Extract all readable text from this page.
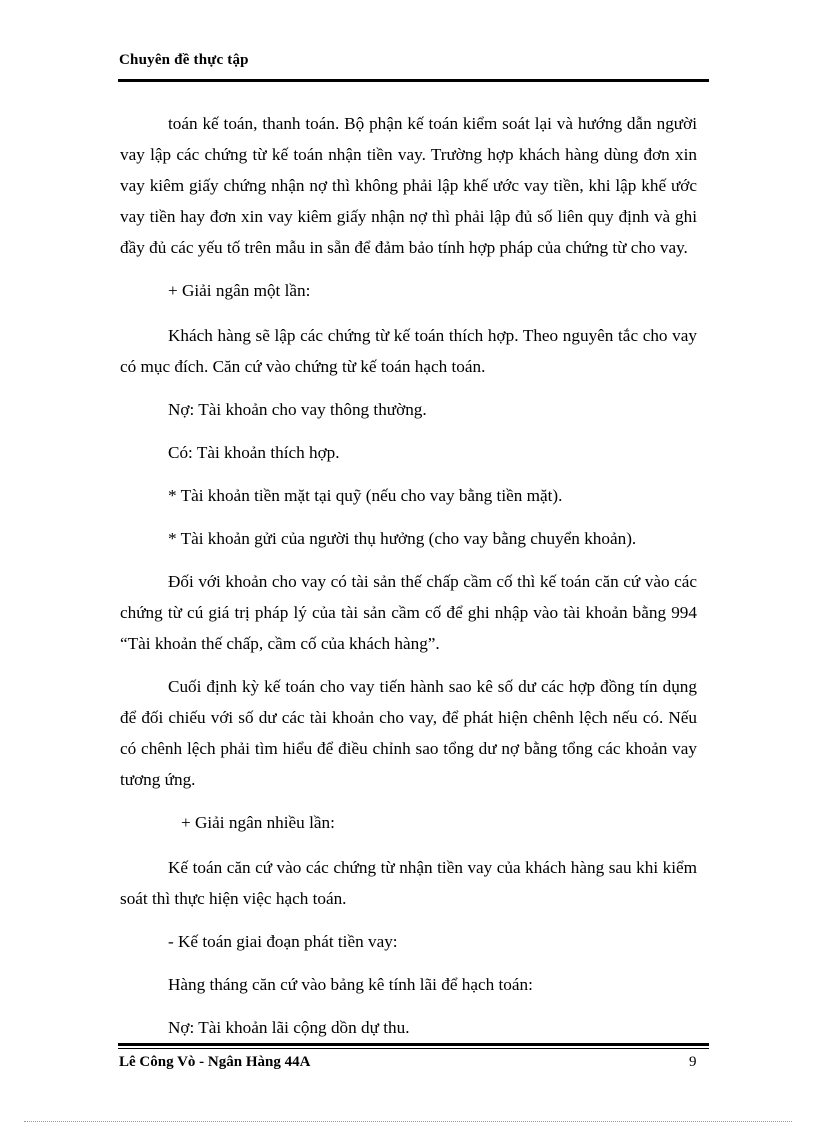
Chuyên đề thực tập

toán kế toán, thanh toán. Bộ phận kế toán kiểm soát lại và hướng dẫn người vay lập các chứng từ kế toán nhận tiền vay. Trường hợp khách hàng dùng đơn xin vay kiêm giấy chứng nhận nợ thì không phải lập khế ước vay tiền, khi lập khế ước vay tiền hay đơn xin vay kiêm giấy nhận nợ thì phải lập đủ số liên quy định và ghi đầy đủ các yếu tố trên mẫu in sẵn để đảm bảo tính hợp pháp của chứng từ cho vay.

+ Giải ngân một lần:

Khách hàng sẽ lập các chứng từ kế toán thích hợp. Theo nguyên tắc cho vay có mục đích. Căn cứ vào chứng từ kế toán hạch toán.

Nợ: Tài khoản cho vay thông thường.

Có: Tài khoản thích hợp.

* Tài khoản tiền mặt tại quỹ (nếu cho vay bằng tiền mặt).

* Tài khoản gửi của người thụ hưởng (cho vay bằng chuyển khoản).

Đối với khoản cho vay có tài sản thế chấp cầm cố thì kế toán căn cứ vào các chứng từ cú giá trị pháp lý của tài sản cầm cố để ghi nhập vào tài khoản bằng 994 “Tài khoản thế chấp, cầm cố của khách hàng”.

Cuối định kỳ kế toán cho vay tiến hành sao kê số dư các hợp đồng tín dụng để đối chiếu với số dư các tài khoản cho vay, để phát hiện chênh lệch nếu có. Nếu có chênh lệch phải tìm hiểu để điều chỉnh sao tổng dư nợ bằng tổng các khoản vay tương ứng.

+ Giải ngân nhiều lần:

Kế toán căn cứ vào các chứng từ nhận tiền vay của khách hàng sau khi kiểm soát thì thực hiện việc hạch toán.

- Kế toán giai đoạn phát tiền vay:

Hàng tháng căn cứ vào bảng kê tính lãi để hạch toán:

Nợ: Tài khoản lãi cộng dồn dự thu.

Lê Công Vò - Ngân Hàng 44A	9
